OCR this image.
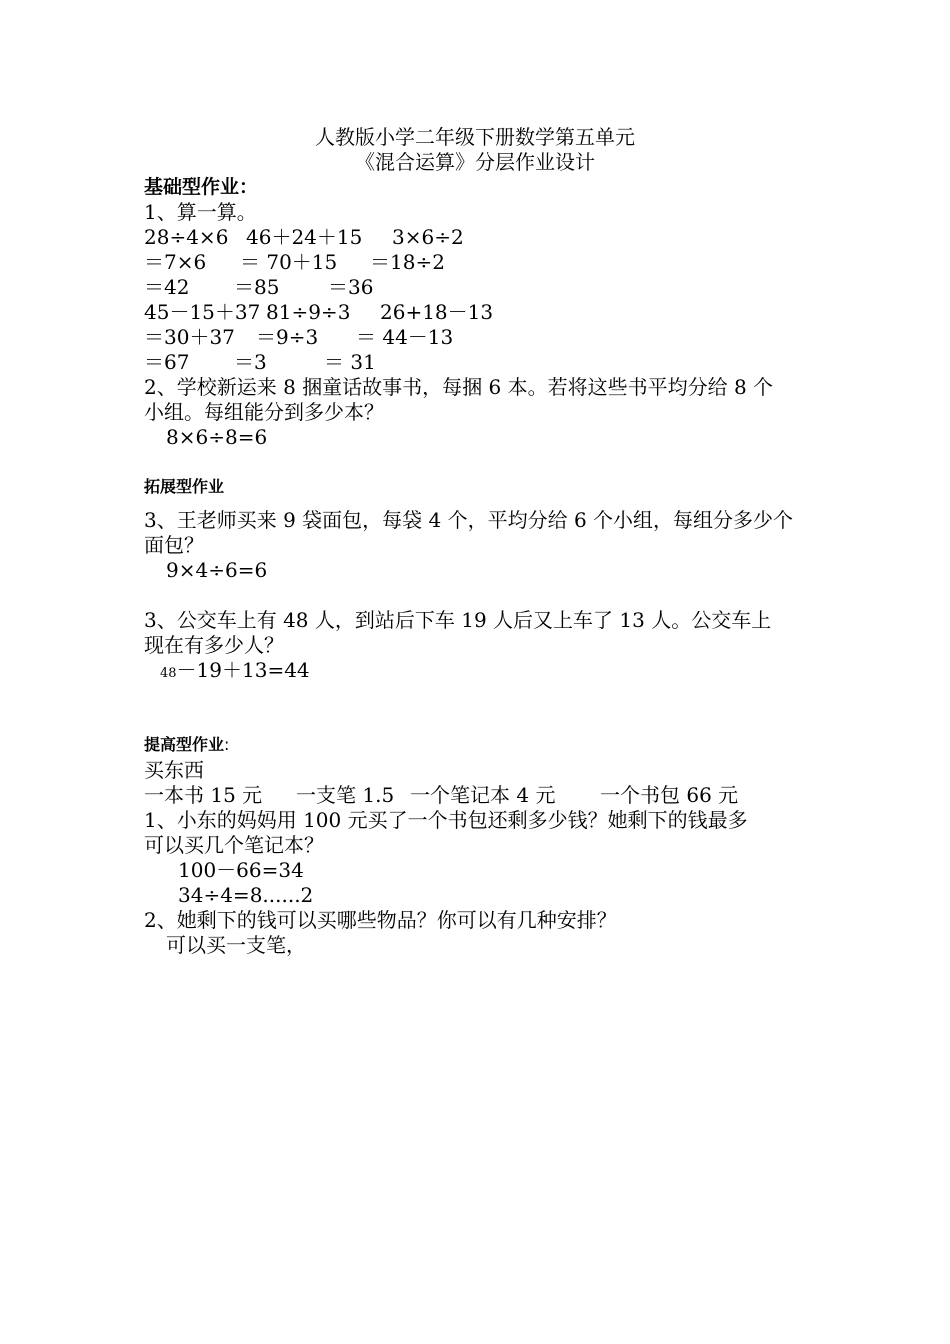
人教版小学二年级下册数学第五单元
《混合运算》分层作业设计
基础型作业：
1、算一算。

28÷4×6

46＋24＋15

3×6÷2

＝7×6

＝ 70＋15

＝18÷2

＝42

＝85

＝36

45－15＋37

81÷9÷3

26+18－13

＝30＋37

＝9÷3

＝ 44－13

＝67

＝3

	＝ 31

2、学校新运来 8 捆童话故事书，每捆 6 本。若将这些书平均分给 8 个
小组。每组能分到多少本？
8×6÷8=6
拓展型作业
3、王老师买来 9 袋面包，每袋 4 个，平均分给 6 个小组，每组分多少个
面包？
9×4÷6=6
3、公交车上有 48 人，到站后下车 19 人后又上车了 13 人。公交车上
现在有多少人？
48－19＋13=44
提高型作业:
买东西

一本书 15 元

一支笔 1.5

一个笔记本 4 元

一个书包 66 元

1、小东的妈妈用 100 元买了一个书包还剩多少钱？她剩下的钱最多
可以买几个笔记本？
100－66=34
34÷4=8......2
2、她剩下的钱可以买哪些物品？你可以有几种安排？
可以买一支笔，
